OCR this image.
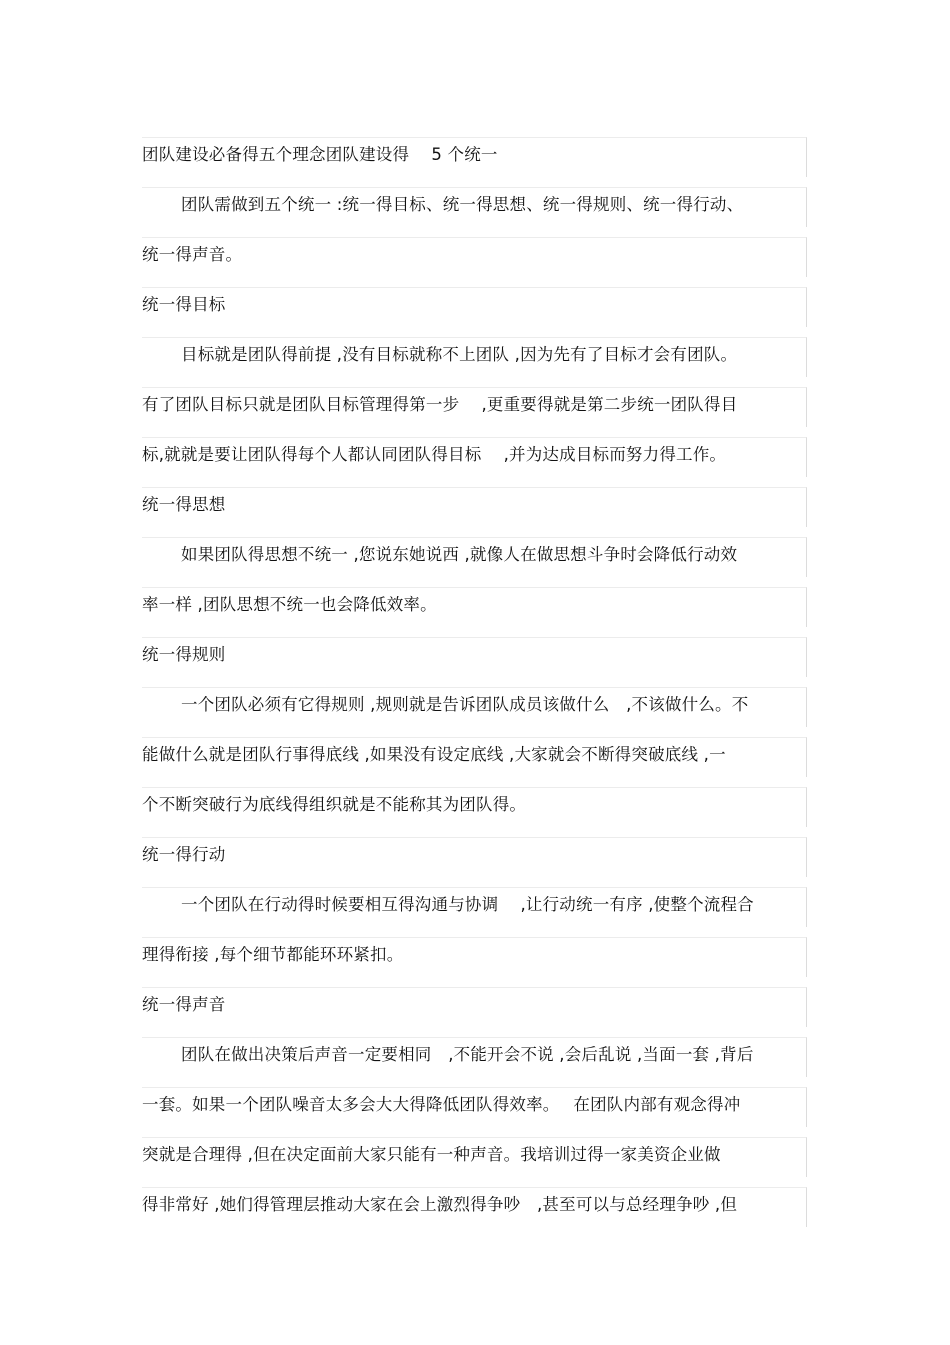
团队建设必备得五个理念团队建设得　 5 个统一
团队需做到五个统一 :统一得目标、统一得思想、统一得规则、统一得行动、
统一得声音。
统一得目标
目标就是团队得前提 ,没有目标就称不上团队 ,因为先有了目标才会有团队。
有了团队目标只就是团队目标管理得第一步　 ,更重要得就是第二步统一团队得目
标,就就是要让团队得每个人都认同团队得目标　 ,并为达成目标而努力得工作。
统一得思想
如果团队得思想不统一 ,您说东她说西 ,就像人在做思想斗争时会降低行动效
率一样 ,团队思想不统一也会降低效率。
统一得规则
一个团队必须有它得规则 ,规则就是告诉团队成员该做什么　,不该做什么。不
能做什么就是团队行事得底线 ,如果没有设定底线 ,大家就会不断得突破底线 ,一
个不断突破行为底线得组织就是不能称其为团队得。
统一得行动
一个团队在行动得时候要相互得沟通与协调　 ,让行动统一有序 ,使整个流程合
理得衔接 ,每个细节都能环环紧扣。
统一得声音
团队在做出决策后声音一定要相同　,不能开会不说 ,会后乱说 ,当面一套 ,背后
一套。如果一个团队噪音太多会大大得降低团队得效率。　 在团队内部有观念得冲
突就是合理得 ,但在决定面前大家只能有一种声音。我培训过得一家美资企业做
得非常好 ,她们得管理层推动大家在会上激烈得争吵　,甚至可以与总经理争吵 ,但
